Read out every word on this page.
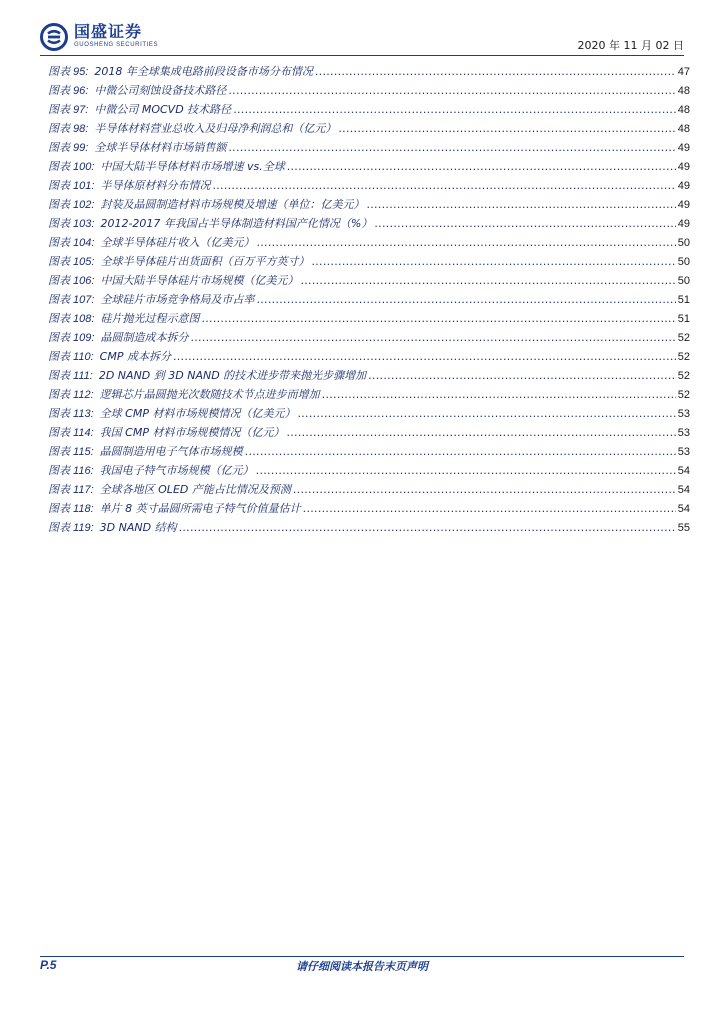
国盛证券
GUOSHENG SECURITIES	2020 年 11 月 02 日
图表 95: 2018 年全球集成电路前段设备市场分布情况 . . .	47
图表 96: 中微公司刻蚀设备技术路径 . . .	48
图表 97: 中微公司 MOCVD 技术路径 . . .	48
图表 98: 半导体材料营业总收入及归母净利润总和（亿元） . . .	48
图表 99: 全球半导体材料市场销售额 . . .	49
图表 100: 中国大陆半导体材料市场增速 vs.全球 . . .	49
图表 101: 半导体原材料分布情况 . . .	49
图表 102: 封装及晶圆制造材料市场规模及增速（单位：亿美元） . . .	49
图表 103: 2012-2017 年我国占半导体制造材料国产化情况（%） . . .	49
图表 104: 全球半导体硅片收入（亿美元） . . .	50
图表 105: 全球半导体硅片出货面积（百万平方英寸） . . .	50
图表 106: 中国大陆半导体硅片市场规模（亿美元） . . .	50
图表 107: 全球硅片市场竞争格局及市占率 . . .	51
图表 108: 硅片抛光过程示意图 . . .	51
图表 109: 晶圆制造成本拆分 . . .	52
图表 110: CMP 成本拆分 . . .	52
图表 111: 2D NAND 到 3D NAND 的技术进步带来抛光步骤增加 . . .	52
图表 112: 逻辑芯片晶圆抛光次数随技术节点进步而增加 . . .	52
图表 113: 全球 CMP 材料市场规模情况（亿美元） . . .	53
图表 114: 我国 CMP 材料市场规模情况（亿元） . . .	53
图表 115: 晶圆制造用电子气体市场规模 . . .	53
图表 116: 我国电子特气市场规模（亿元） . . .	54
图表 117: 全球各地区 OLED 产能占比情况及预测 . . .	54
图表 118: 单片 8 英寸晶圆所需电子特气价值量估计 . . .	54
图表 119: 3D NAND 结构 . . .	55
P.5	请仔细阅读本报告末页声明
